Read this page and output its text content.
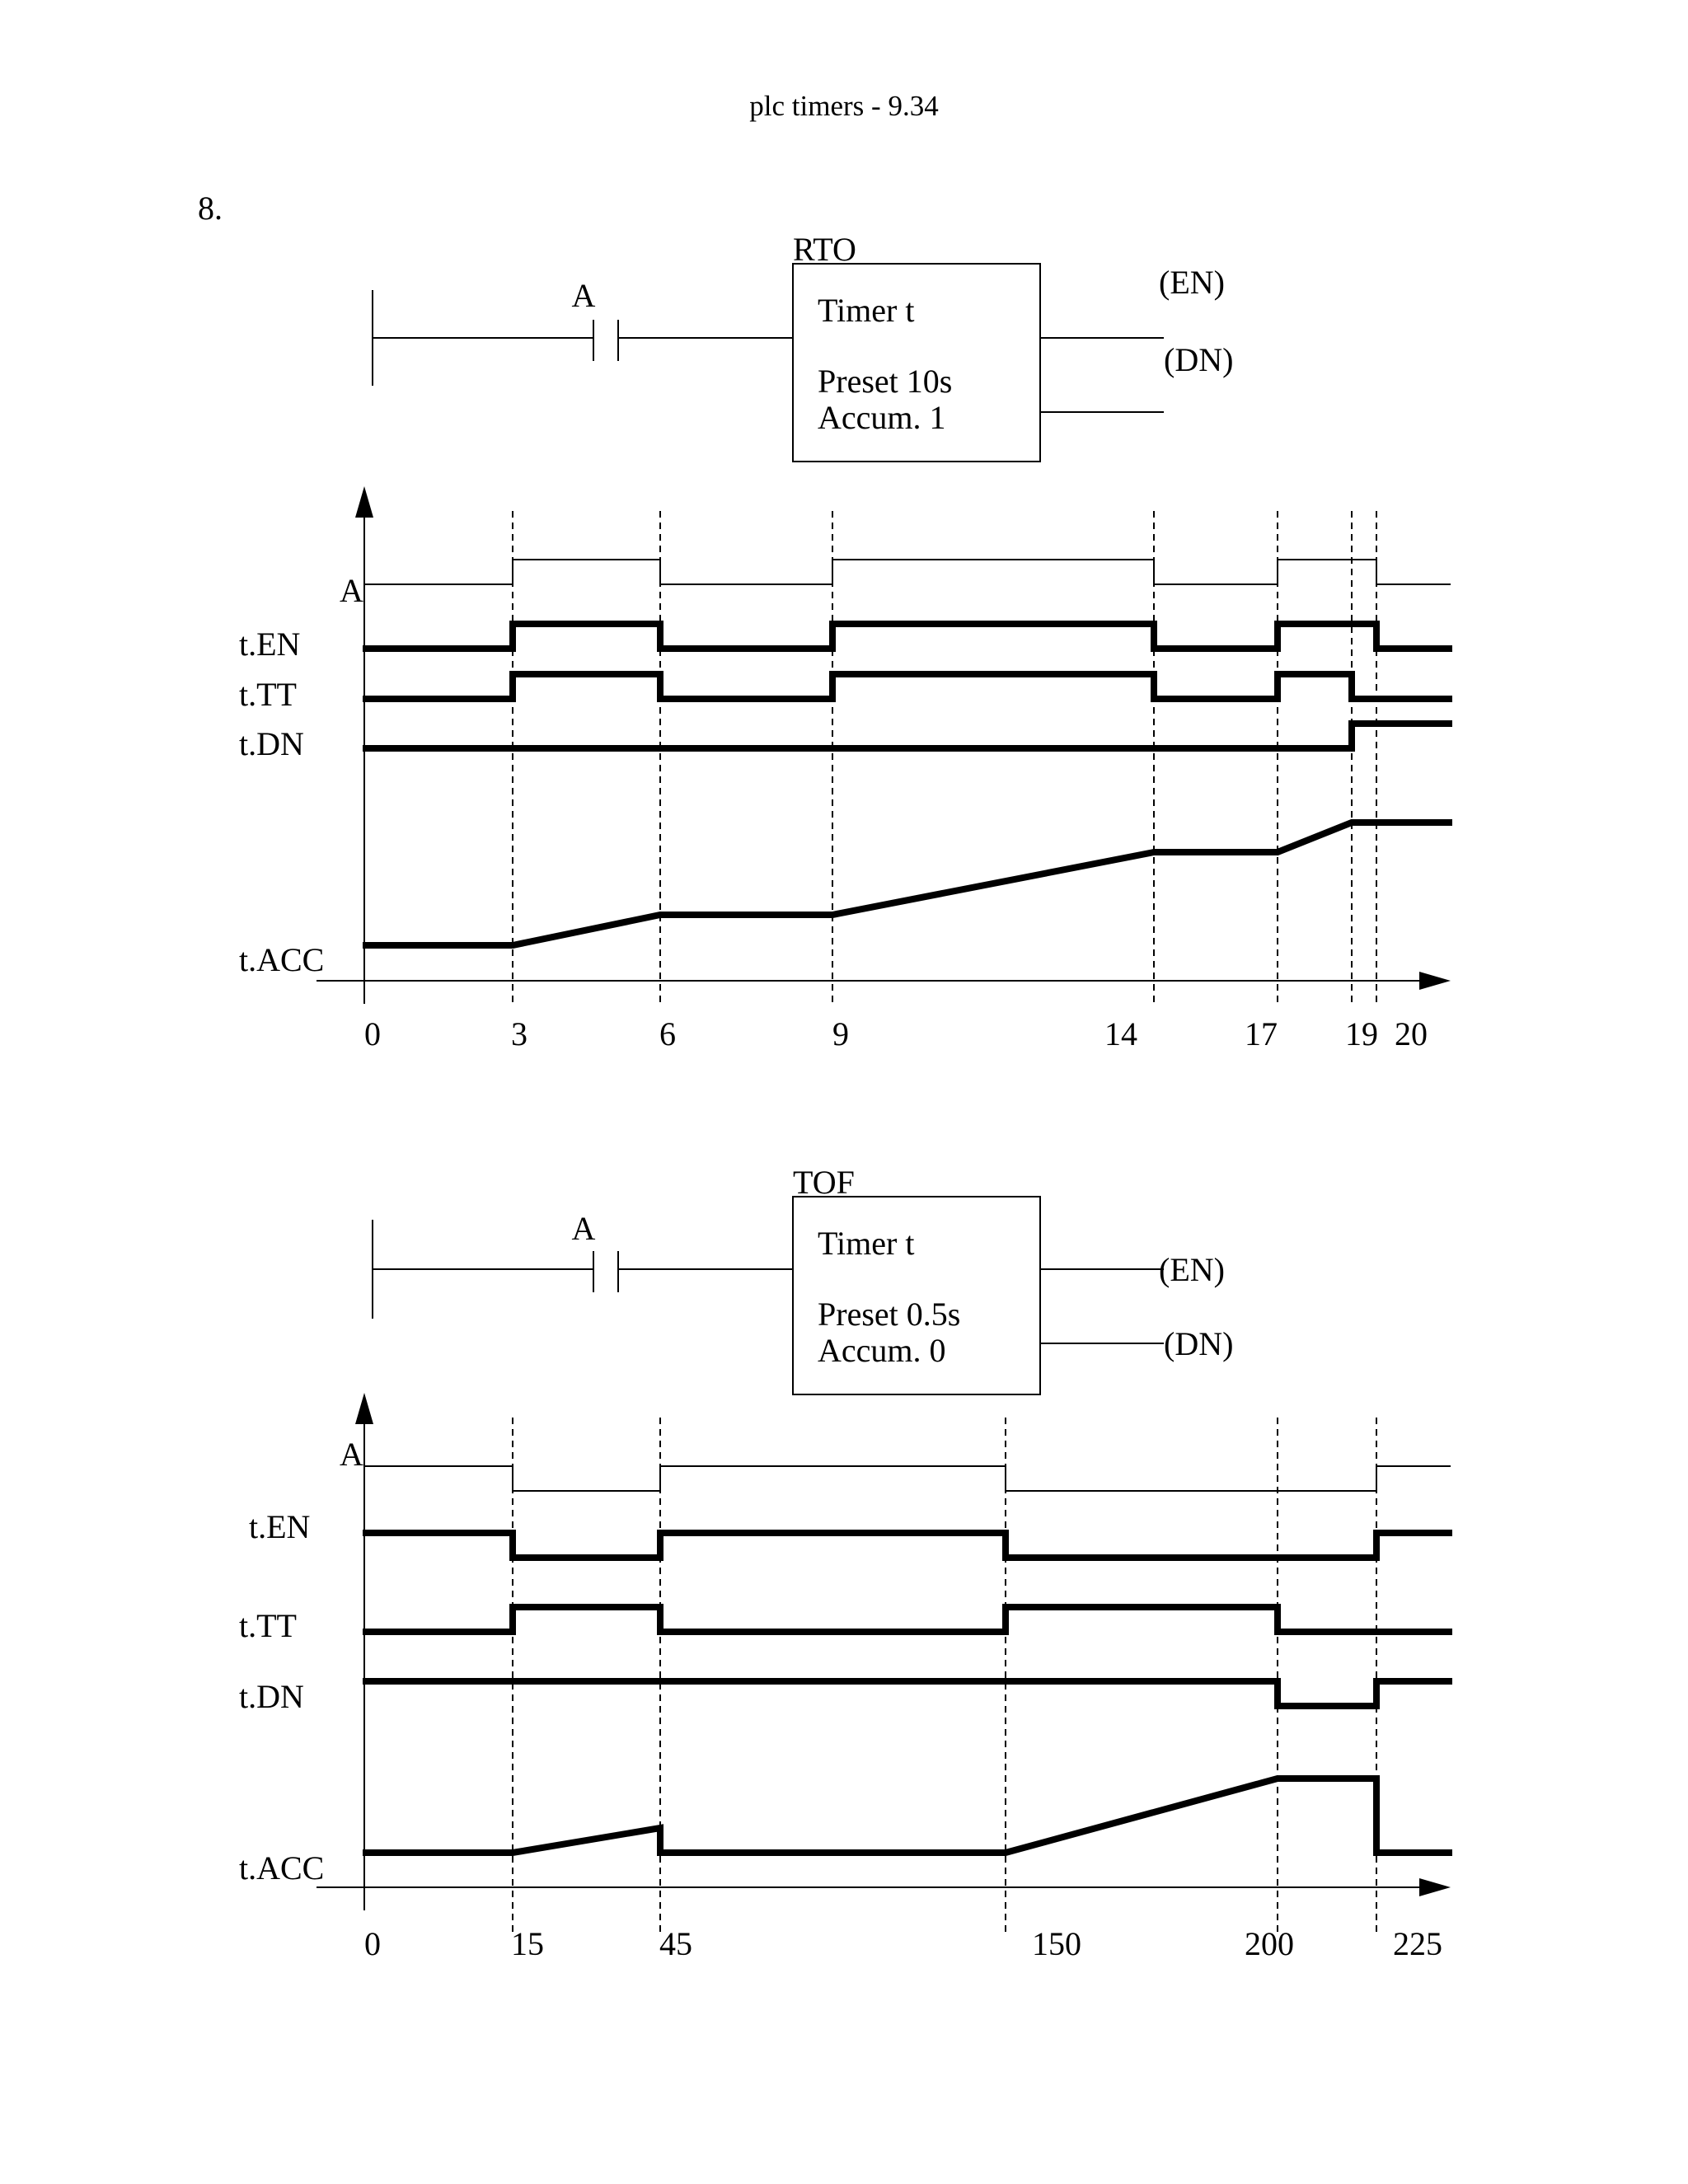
plc timers - 9.34
8.
A
RTO
Timer t
Preset 10s
Accum. 1
(EN)
(DN)
A
t.EN
t.TT
t.DN
t.ACC
0	3	6	9	14	17 19 20
A
TOF
Timer t
Preset 0.5s
Accum. 0
(EN)
(DN)
A
t.EN
t.TT
t.DN
t.ACC
0	15	45	150	200	225
